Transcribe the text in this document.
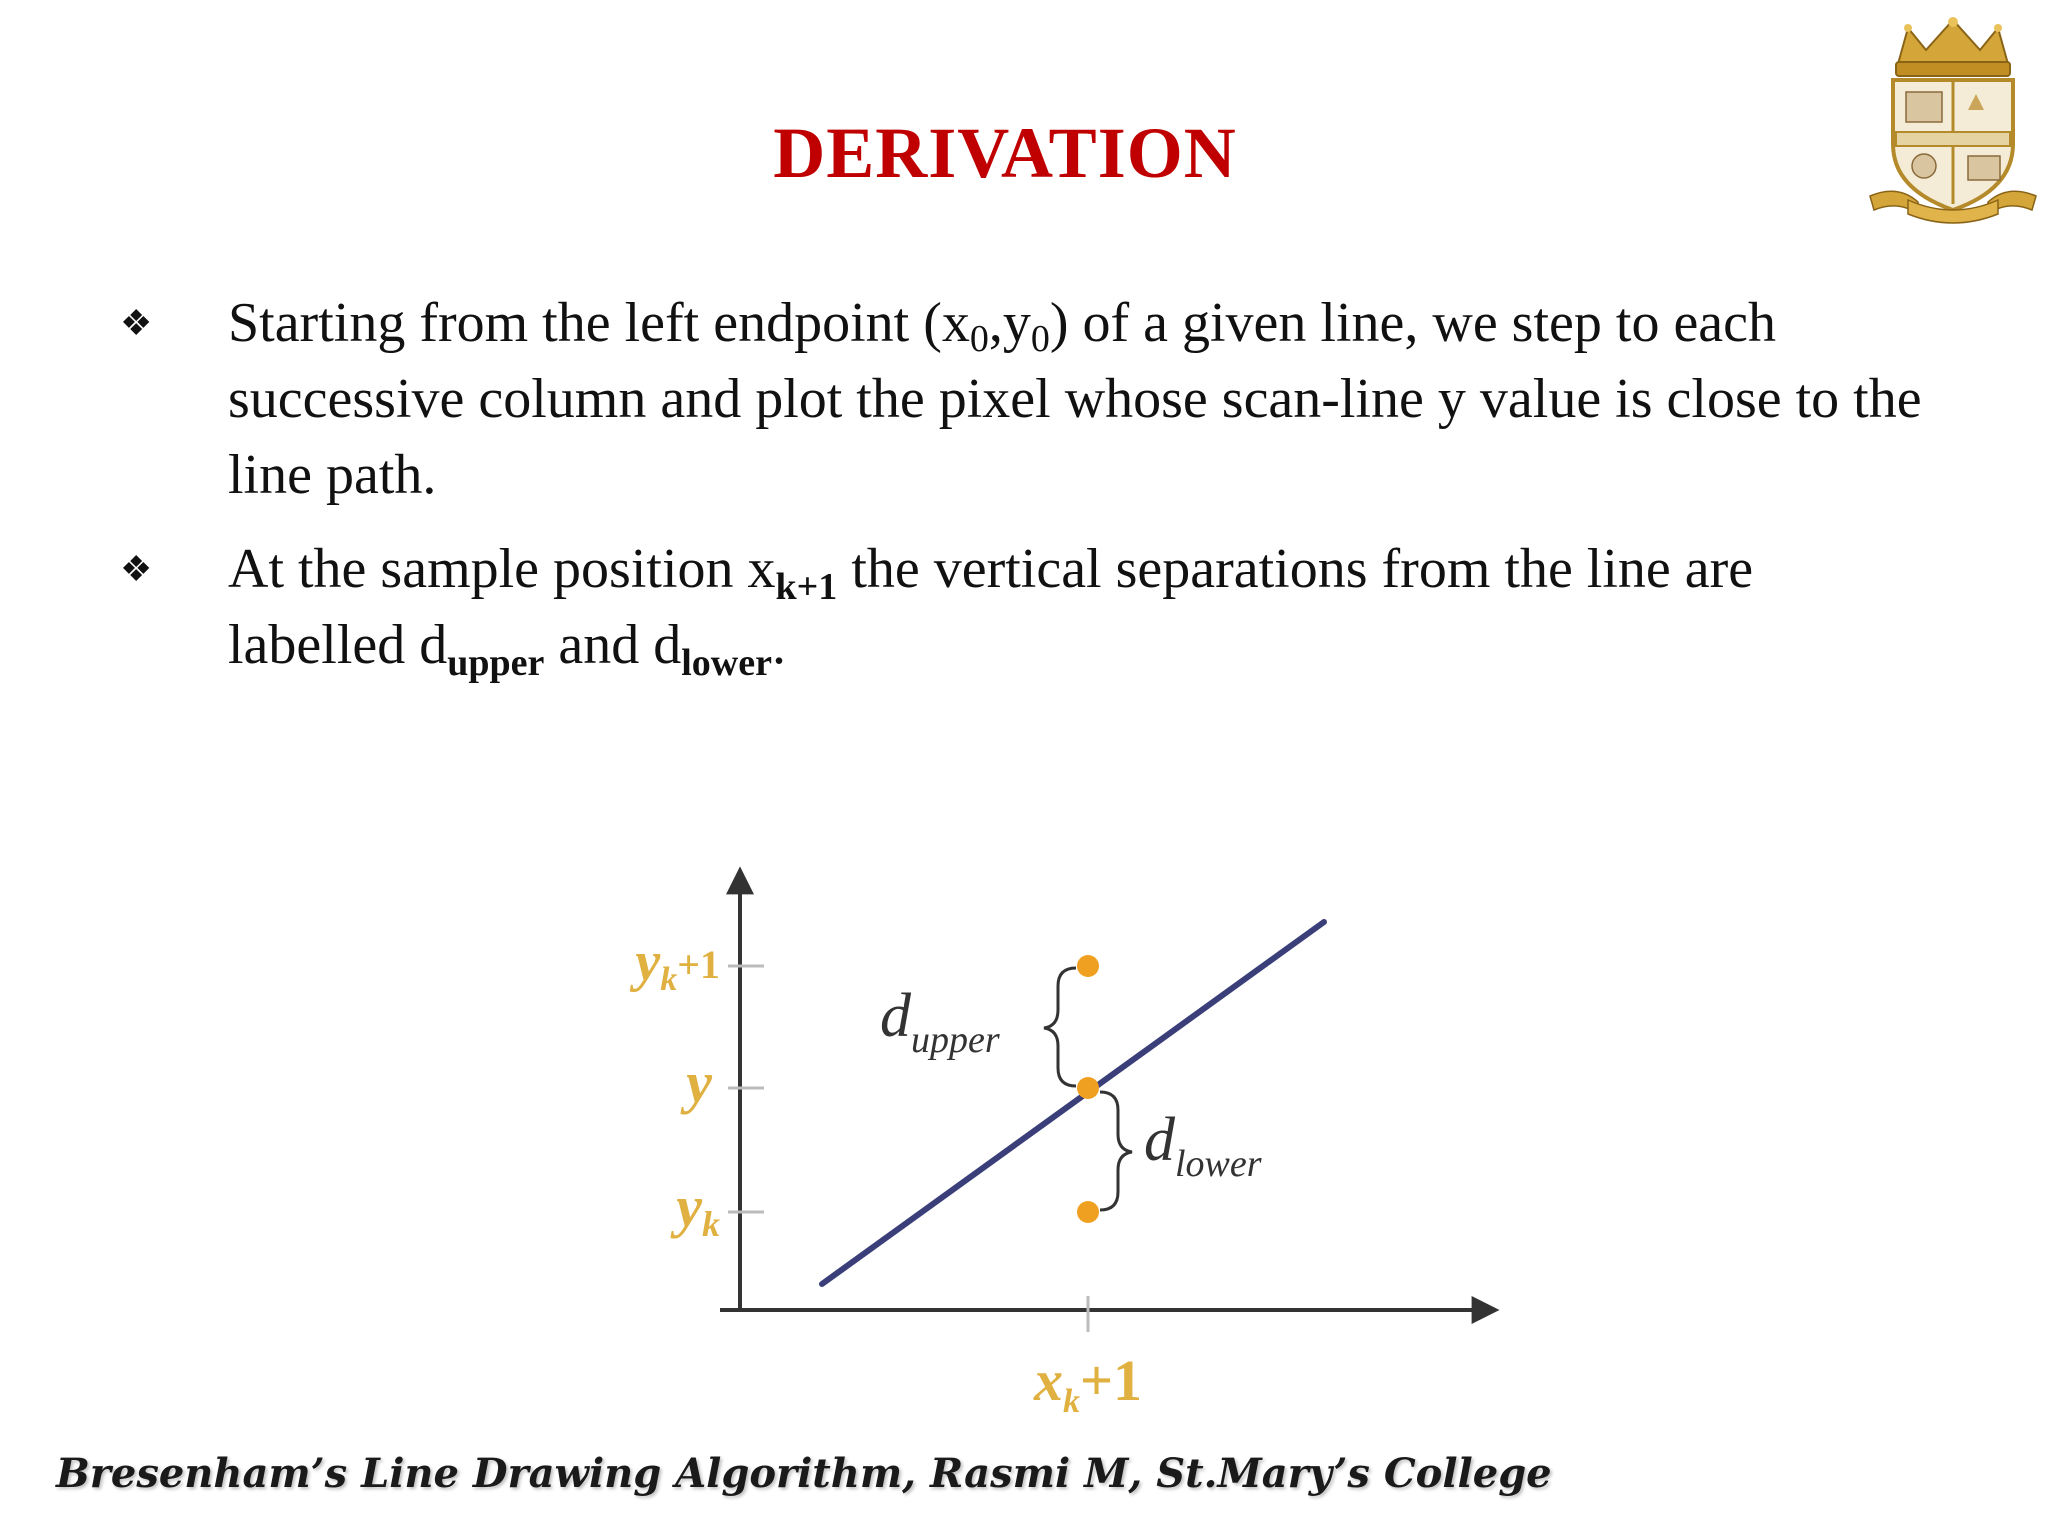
DERIVATION
❖ Starting from the left endpoint (x0,y0) of a given line, we step to each successive column and plot the pixel whose scan-line y value is close to the line path.
❖ At the sample position $x_{k+1}$ the vertical separations from the line are labelled $d_{upper}$ and $d_{lower}$.
$yk^{+1}$
y
yk
$x_k+1$
$d_{upper}$
$d_{lower}$
Bresenham’s Line Drawing Algorithm, Rasmi M, St.Mary’s College
